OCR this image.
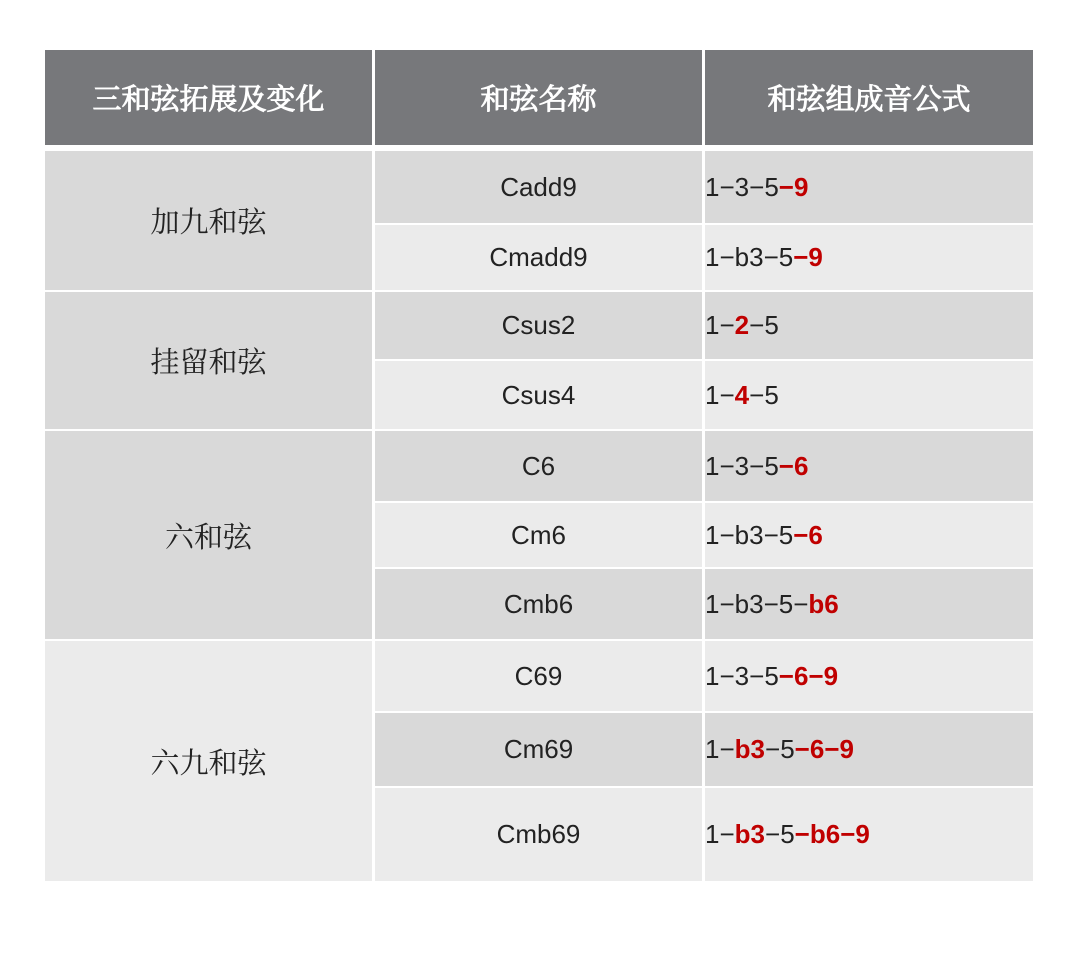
三和弦拓展及变化	和弦名称	和弦组成音公式

加九和弦	Cadd9	1−3−5−9
	Cmadd9	1−b3−5−9
挂留和弦	Csus2	1−2−5
	Csus4	1−4−5
六和弦	C6	1−3−5−6
	Cm6	1−b3−5−6
	Cmb6	1−b3−5−b6
六九和弦	C69	1−3−5−6−9
	Cm69	1−b3−5−6−9
	Cmb69	1−b3−5−b6−9
